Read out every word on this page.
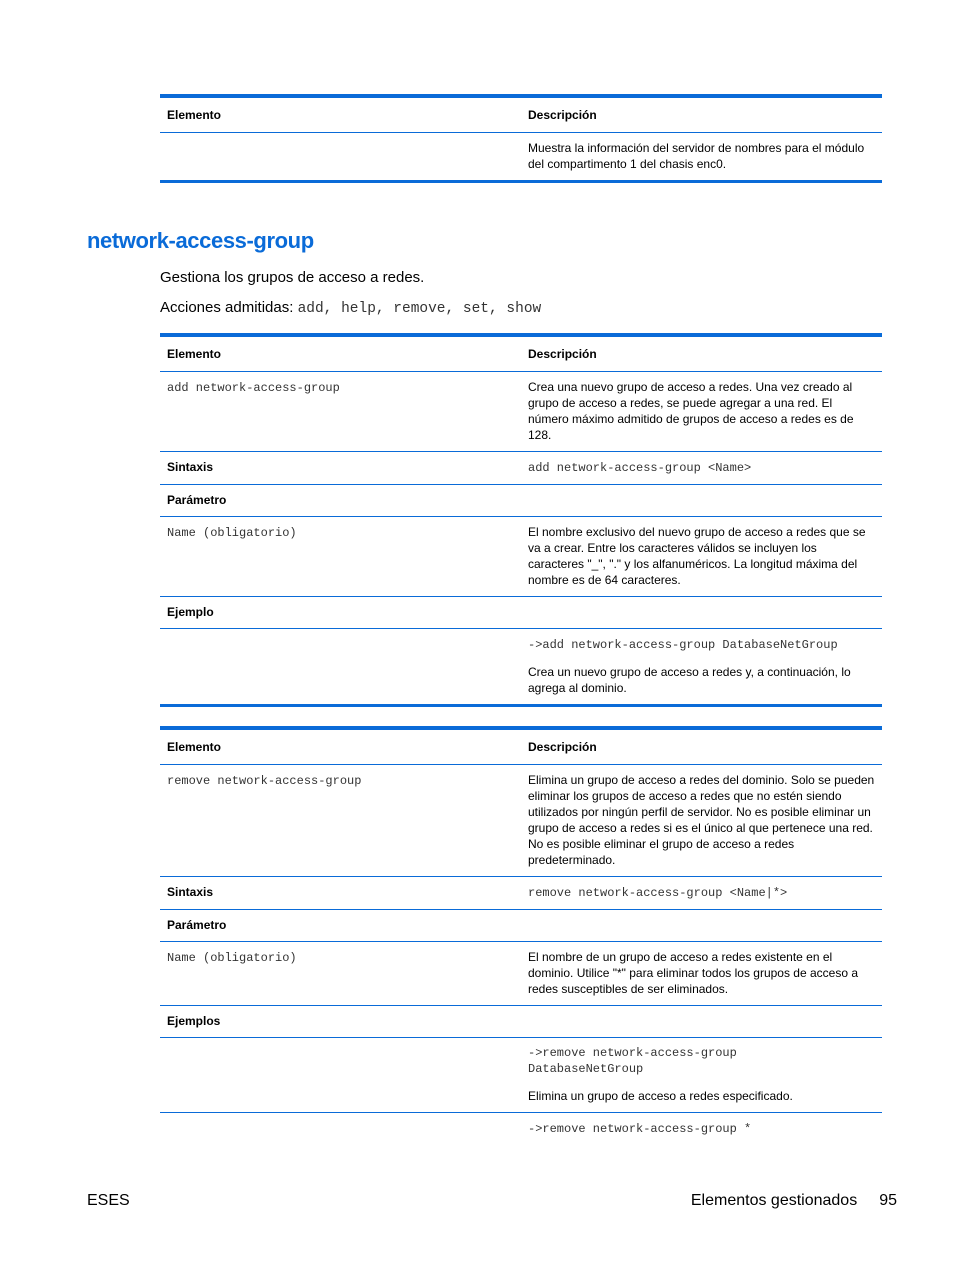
Elemento	Descripción
	Muestra la información del servidor de nombres para el módulo del compartimento 1 del chasis enc0.
network-access-group
Gestiona los grupos de acceso a redes.
Acciones admitidas: add, help, remove, set, show
Elemento	Descripción
add network-access-group	Crea una nuevo grupo de acceso a redes. Una vez creado al grupo de acceso a redes, se puede agregar a una red. El número máximo admitido de grupos de acceso a redes es de 128.
Sintaxis	add network-access-group <Name>
Parámetro	
Name (obligatorio)	El nombre exclusivo del nuevo grupo de acceso a redes que se va a crear. Entre los caracteres válidos se incluyen los caracteres "_", "." y los alfanuméricos. La longitud máxima del nombre es de 64 caracteres.
Ejemplo	

	->add network-access-group DatabaseNetGroup

Crea un nuevo grupo de acceso a redes y, a continuación, lo agrega al dominio.

Elemento	Descripción
remove network-access-group	Elimina un grupo de acceso a redes del dominio. Solo se pueden eliminar los grupos de acceso a redes que no estén siendo utilizados por ningún perfil de servidor. No es posible eliminar un grupo de acceso a redes si es el único al que pertenece una red. No es posible eliminar el grupo de acceso a redes predeterminado.
Sintaxis	remove network-access-group <Name|*>
Parámetro	
Name (obligatorio)	El nombre de un grupo de acceso a redes existente en el dominio. Utilice "*" para eliminar todos los grupos de acceso a redes susceptibles de ser eliminados.
Ejemplos	

	->remove network-access-group
DatabaseNetGroup

Elimina un grupo de acceso a redes especificado.

	->remove network-access-group *
ESES	Elementos gestionados 95
